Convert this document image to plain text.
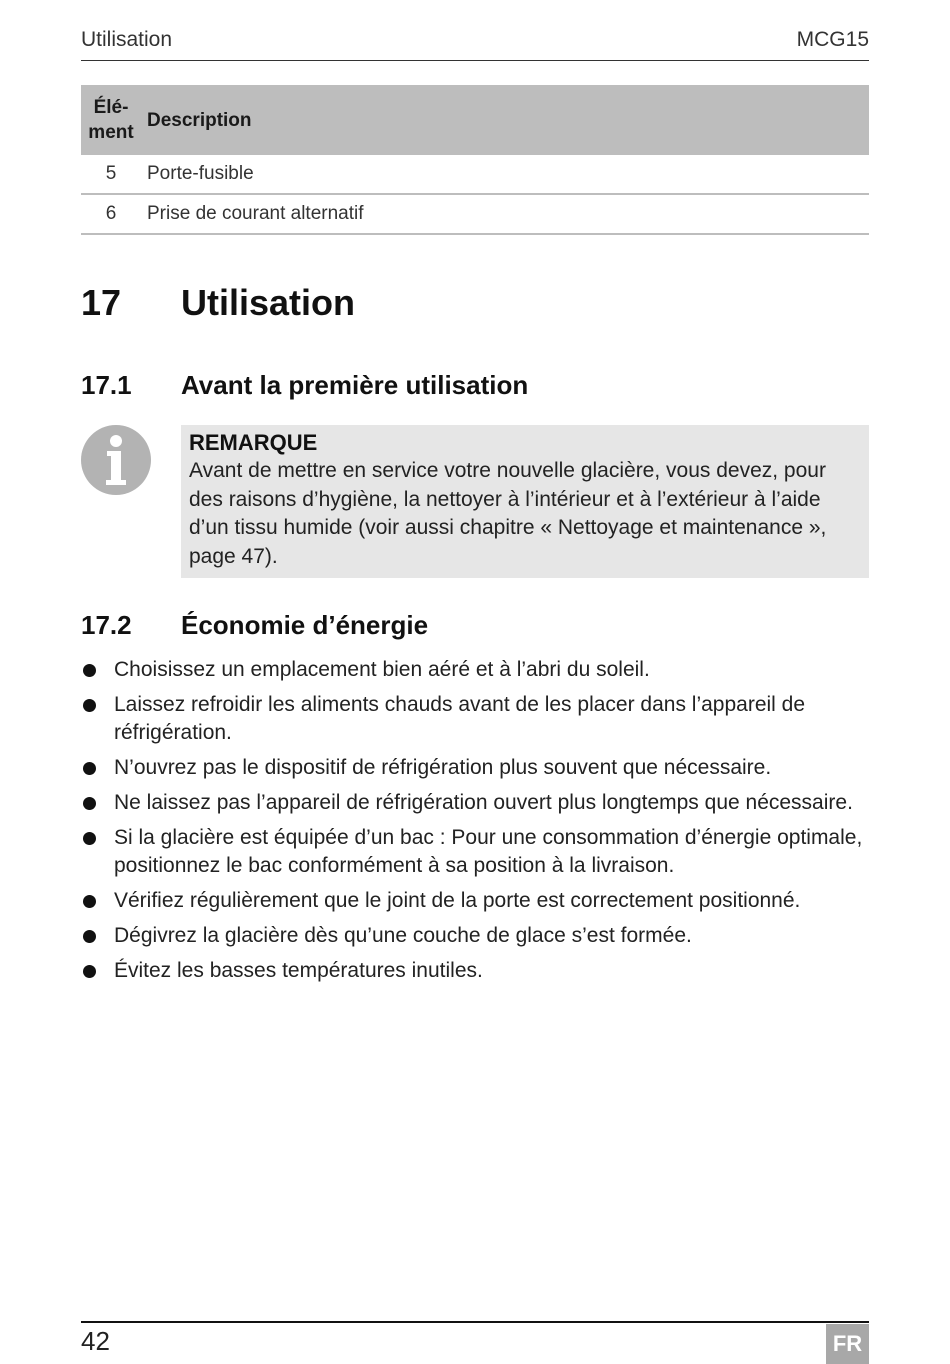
Utilisation	MCG15
Élé-
ment	Description
5	Porte-fusible
6	Prise de courant alternatif
17	Utilisation
17.1	Avant la première utilisation
REMARQUE
Avant de mettre en service votre nouvelle glacière, vous devez, pour des raisons d’hygiène, la nettoyer à l’intérieur et à l’extérieur à l’aide d’un tissu humide (voir aussi chapitre « Nettoyage et maintenance », page 47).
17.2	Économie d’énergie
Choisissez un emplacement bien aéré et à l’abri du soleil.
Laissez refroidir les aliments chauds avant de les placer dans l’appareil de réfrigération.
N’ouvrez pas le dispositif de réfrigération plus souvent que nécessaire.
Ne laissez pas l’appareil de réfrigération ouvert plus longtemps que nécessaire.
Si la glacière est équipée d’un bac : Pour une consommation d’énergie optimale, positionnez le bac conformément à sa position à la livraison.
Vérifiez régulièrement que le joint de la porte est correctement positionné.
Dégivrez la glacière dès qu’une couche de glace s’est formée.
Évitez les basses températures inutiles.
42	FR
